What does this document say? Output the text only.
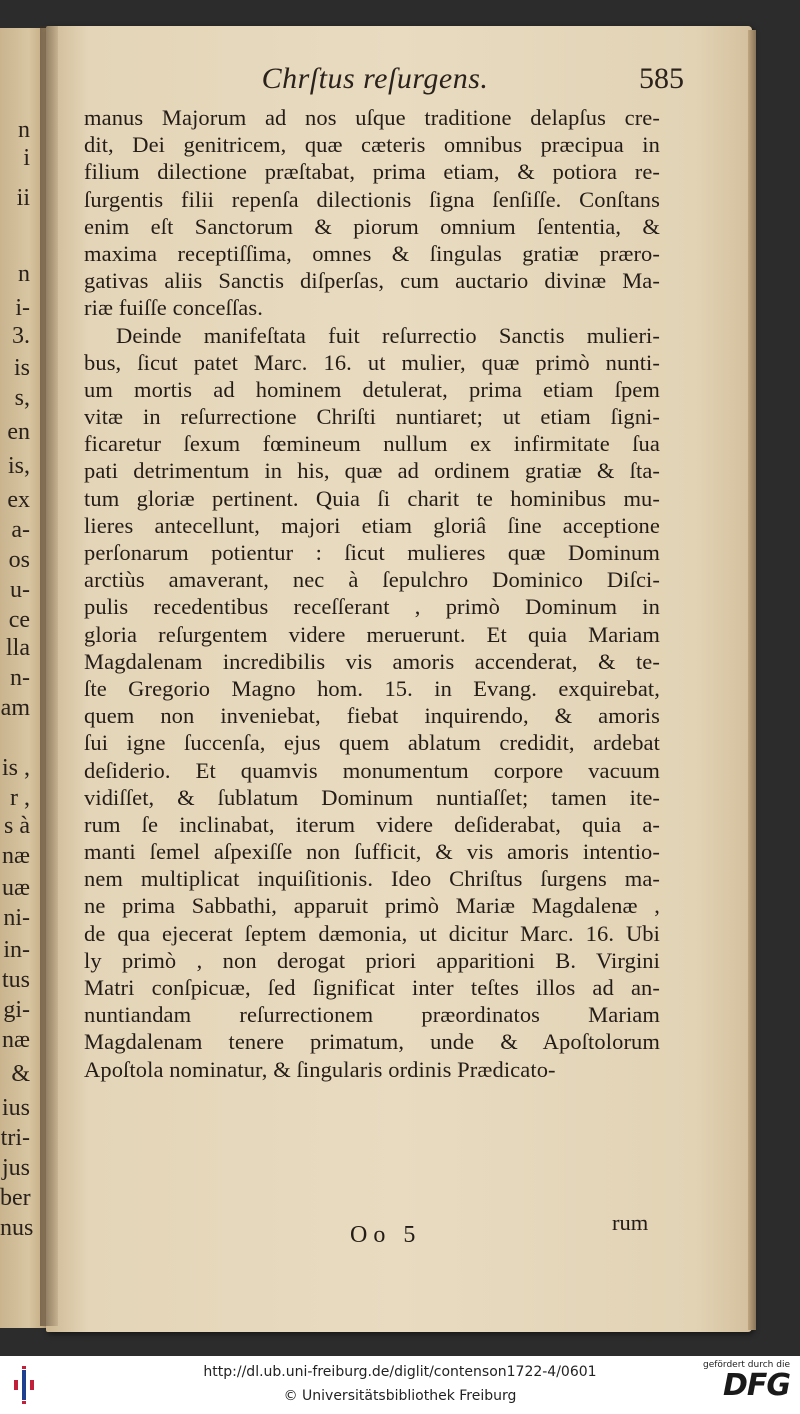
n
i
ii
n
i-
3.
is
s,
en
is,
ex
a-
os
u-
ce
lla
n-
am
is ,
r ,
s à
næ
uæ
ni-
in-
tus
gi-
næ
&
ius
tri-
jus
ber
nus
Chrſtus reſurgens.	585
manus Majorum ad nos uſque traditione delapſus cre-
dit, Dei genitricem, quæ cæteris omnibus præcipua in
filium dilectione præſtabat, prima etiam, & potiora re-
ſurgentis filii repenſa dilectionis ſigna ſenſiſſe. Conſtans
enim eſt Sanctorum & piorum omnium ſententia, &
maxima receptiſſima, omnes & ſingulas gratiæ prærо-
gativas aliis Sanctis diſperſas, cum auctario divinæ Ma-
riæ fuiſſe conceſſas.
Deinde manifeſtata fuit reſurrectio Sanctis mulieri-
bus, ſicut patet Marc. 16. ut mulier, quæ primò nunti-
um mortis ad hominem detulerat, prima etiam ſpem
vitæ in reſurrectione Chriſti nuntiaret; ut etiam ſigni-
ficaretur ſexum fœmineum nullum ex infirmitate ſua
pati detrimentum in his, quæ ad ordinem gratiæ & ſta-
tum gloriæ pertinent. Quia ſi charit te hominibus mu-
lieres antecellunt, majori etiam gloriâ ſine acceptione
perſonarum potientur : ſicut mulieres quæ Dominum
arctiùs amaverant, nec à ſepulchro Dominico Diſci-
pulis recedentibus receſſerant , primò Dominum in
gloria reſurgentem videre meruerunt. Et quia Mariam
Magdalenam incredibilis vis amoris accenderat, & te-
ſte Gregorio Magno hom. 15. in Evang. exquirebat,
quem non inveniebat, fiebat inquirendo, & amoris
ſui igne ſuccenſa, ejus quem ablatum credidit, ardebat
deſiderio. Et quamvis monumentum corpore vacuum
vidiſſet, & ſublatum Dominum nuntiaſſet; tamen ite-
rum ſe inclinabat, iterum videre deſiderabat, quia a-
manti ſemel aſpexiſſe non ſufficit, & vis amoris intentio-
nem multiplicat inquiſitionis. Ideo Chriſtus ſurgens ma-
ne prima Sabbathi, apparuit primò Mariæ Magdalenæ ,
de qua ejecerat ſeptem dæmonia, ut dicitur Marc. 16. Ubi
ly primò , non derogat priori apparitioni B. Virgini
Matri conſpicuæ, ſed ſignificat inter teſtes illos ad an-
nuntiandam reſurrectionem præordinatos Mariam
Magdalenam tenere primatum, unde & Apoſtolorum
Apoſtola nominatur, & ſingularis ordinis Prædicato-
rum
Oo 5
http://dl.ub.uni-freiburg.de/diglit/contenson1722-4/0601
© Universitätsbibliothek Freiburg
gefördert durch die
DFG
